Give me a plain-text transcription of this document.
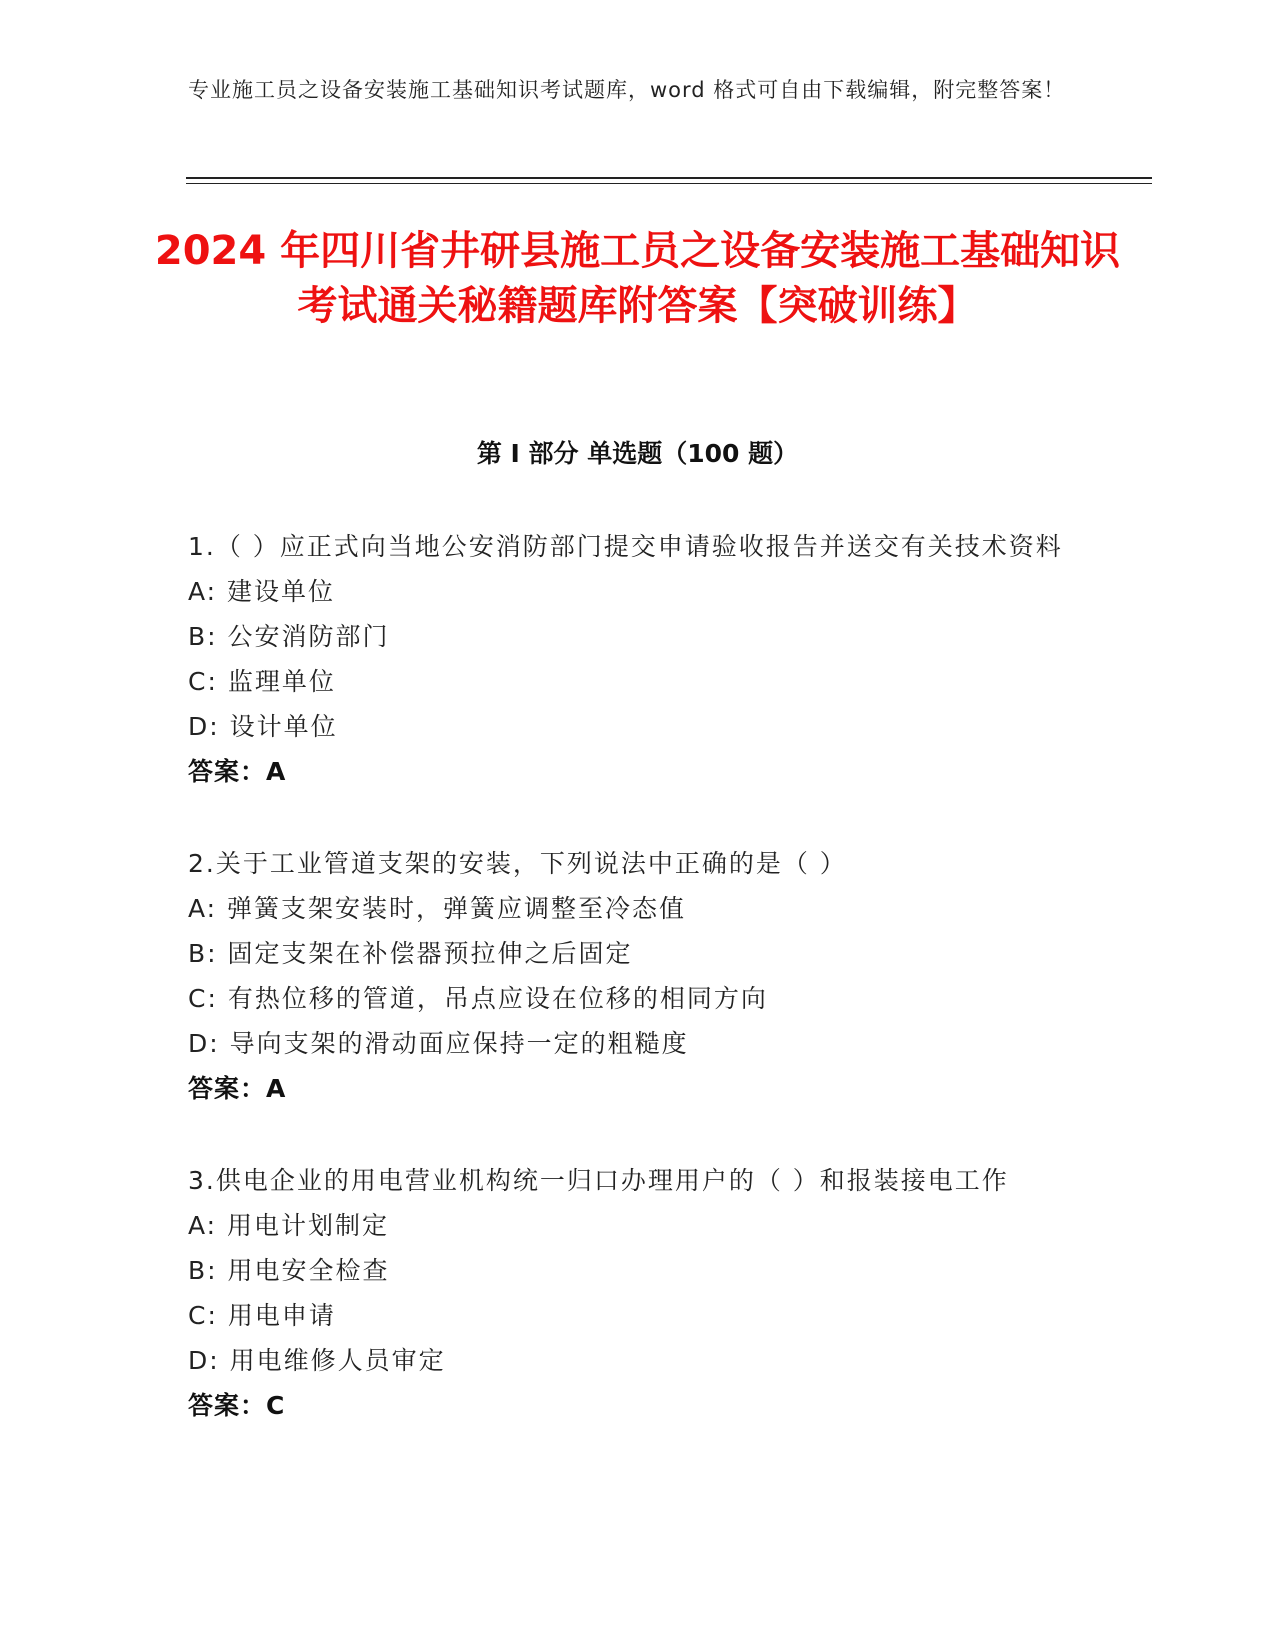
专业施工员之设备安装施工基础知识考试题库，word 格式可自由下载编辑，附完整答案！
2024 年四川省井研县施工员之设备安装施工基础知识考试通关秘籍题库附答案【突破训练】
第 I 部分 单选题（100 题）

1.（ ）应正式向当地公安消防部门提交申请验收报告并送交有关技术资料

A: 建设单位

B: 公安消防部门

C: 监理单位

D: 设计单位

答案：A

2.关于工业管道支架的安装，下列说法中正确的是（ ）

A: 弹簧支架安装时，弹簧应调整至冷态值

B: 固定支架在补偿器预拉伸之后固定

C: 有热位移的管道，吊点应设在位移的相同方向

D: 导向支架的滑动面应保持一定的粗糙度

答案：A

3.供电企业的用电营业机构统一归口办理用户的（ ）和报装接电工作

A: 用电计划制定

B: 用电安全检查

C: 用电申请

D: 用电维修人员审定

答案：C
